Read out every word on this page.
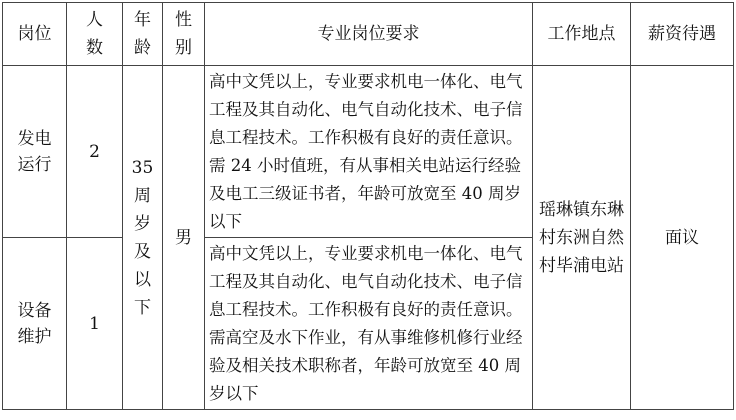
岗位	人数	年龄	性别	专业岗位要求	工作地点	薪资待遇
发电运行	2	35周岁及以下	男	高中文凭以上，专业要求机电一体化、电气工程及其自动化、电气自动化技术、电子信息工程技术。工作积极有良好的责任意识。需 24 小时值班，有从事相关电站运行经验及电工三级证书者，年龄可放宽至 40 周岁以下	瑶琳镇东琳村东洲自然村毕浦电站	面议
设备维护	1			高中文凭以上，专业要求机电一体化、电气工程及其自动化、电气自动化技术、电子信息工程技术。工作积极有良好的责任意识。需高空及水下作业，有从事维修机修行业经验及相关技术职称者，年龄可放宽至 40 周岁以下		
